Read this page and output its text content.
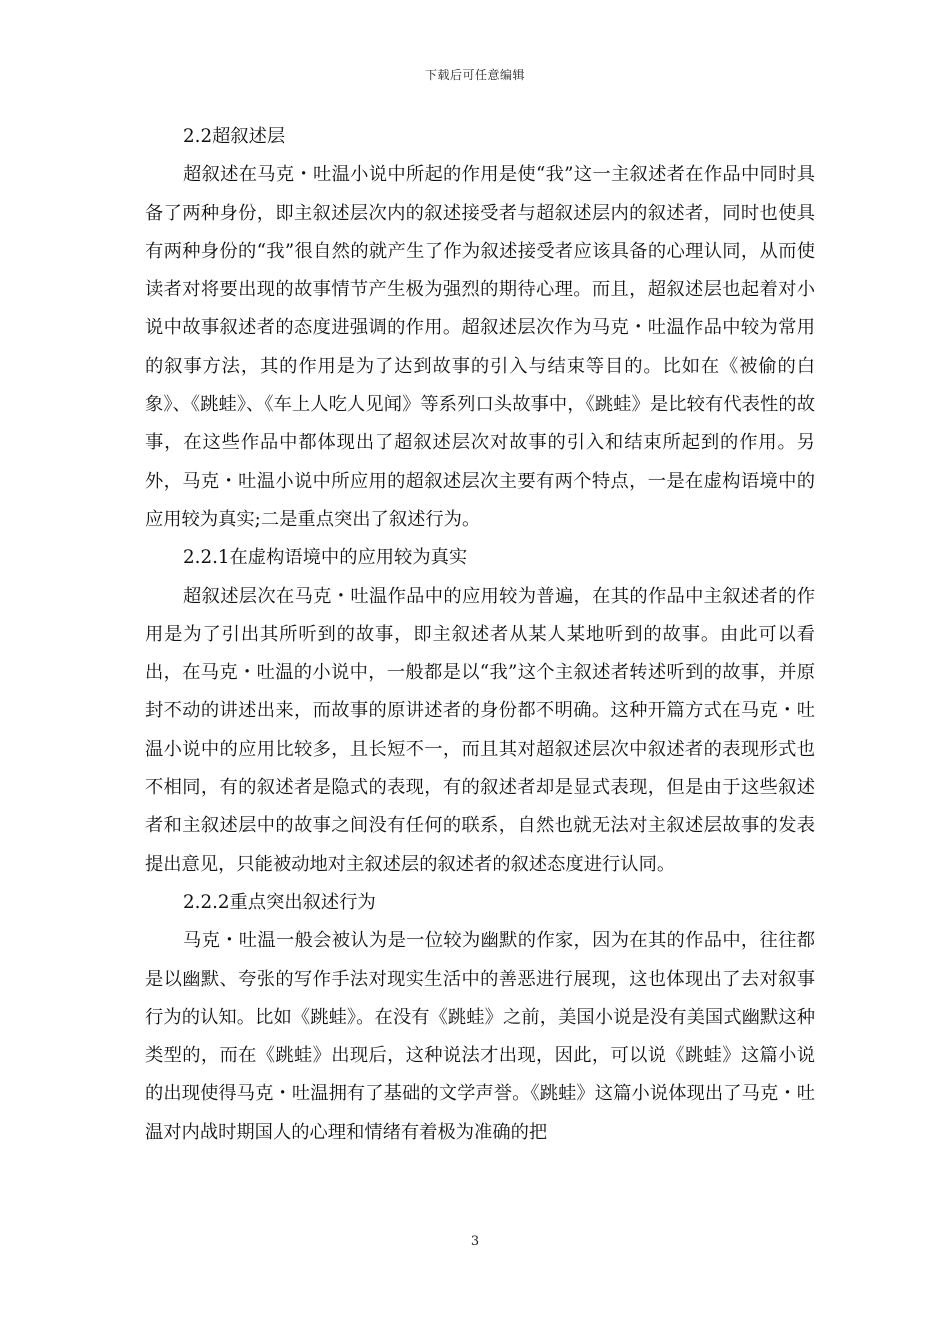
下载后可任意编辑

2.2超叙述层

超叙述在马克・吐温小说中所起的作用是使“我”这一主叙述者在作品中同时具备了两种身份，即主叙述层次内的叙述接受者与超叙述层内的叙述者，同时也使具有两种身份的“我”很自然的就产生了作为叙述接受者应该具备的心理认同，从而使读者对将要出现的故事情节产生极为强烈的期待心理。而且，超叙述层也起着对小说中故事叙述者的态度进强调的作用。超叙述层次作为马克・吐温作品中较为常用的叙事方法，其的作用是为了达到故事的引入与结束等目的。比如在《被偷的白象》、《跳蛙》、《车上人吃人见闻》等系列口头故事中，《跳蛙》是比较有代表性的故事，在这些作品中都体现出了超叙述层次对故事的引入和结束所起到的作用。另外，马克・吐温小说中所应用的超叙述层次主要有两个特点，一是在虚构语境中的应用较为真实;二是重点突出了叙述行为。

2.2.1在虚构语境中的应用较为真实

超叙述层次在马克・吐温作品中的应用较为普遍，在其的作品中主叙述者的作用是为了引出其所听到的故事，即主叙述者从某人某地听到的故事。由此可以看出，在马克・吐温的小说中，一般都是以“我”这个主叙述者转述听到的故事，并原封不动的讲述出来，而故事的原讲述者的身份都不明确。这种开篇方式在马克・吐温小说中的应用比较多，且长短不一，而且其对超叙述层次中叙述者的表现形式也不相同，有的叙述者是隐式的表现，有的叙述者却是显式表现，但是由于这些叙述者和主叙述层中的故事之间没有任何的联系，自然也就无法对主叙述层故事的发表提出意见，只能被动地对主叙述层的叙述者的叙述态度进行认同。

2.2.2重点突出叙述行为

马克・吐温一般会被认为是一位较为幽默的作家，因为在其的作品中，往往都是以幽默、夸张的写作手法对现实生活中的善恶进行展现，这也体现出了去对叙事行为的认知。比如《跳蛙》。在没有《跳蛙》之前，美国小说是没有美国式幽默这种类型的，而在《跳蛙》出现后，这种说法才出现，因此，可以说《跳蛙》这篇小说的出现使得马克・吐温拥有了基础的文学声誉。《跳蛙》这篇小说体现出了马克・吐温对内战时期国人的心理和情绪有着极为准确的把

3
